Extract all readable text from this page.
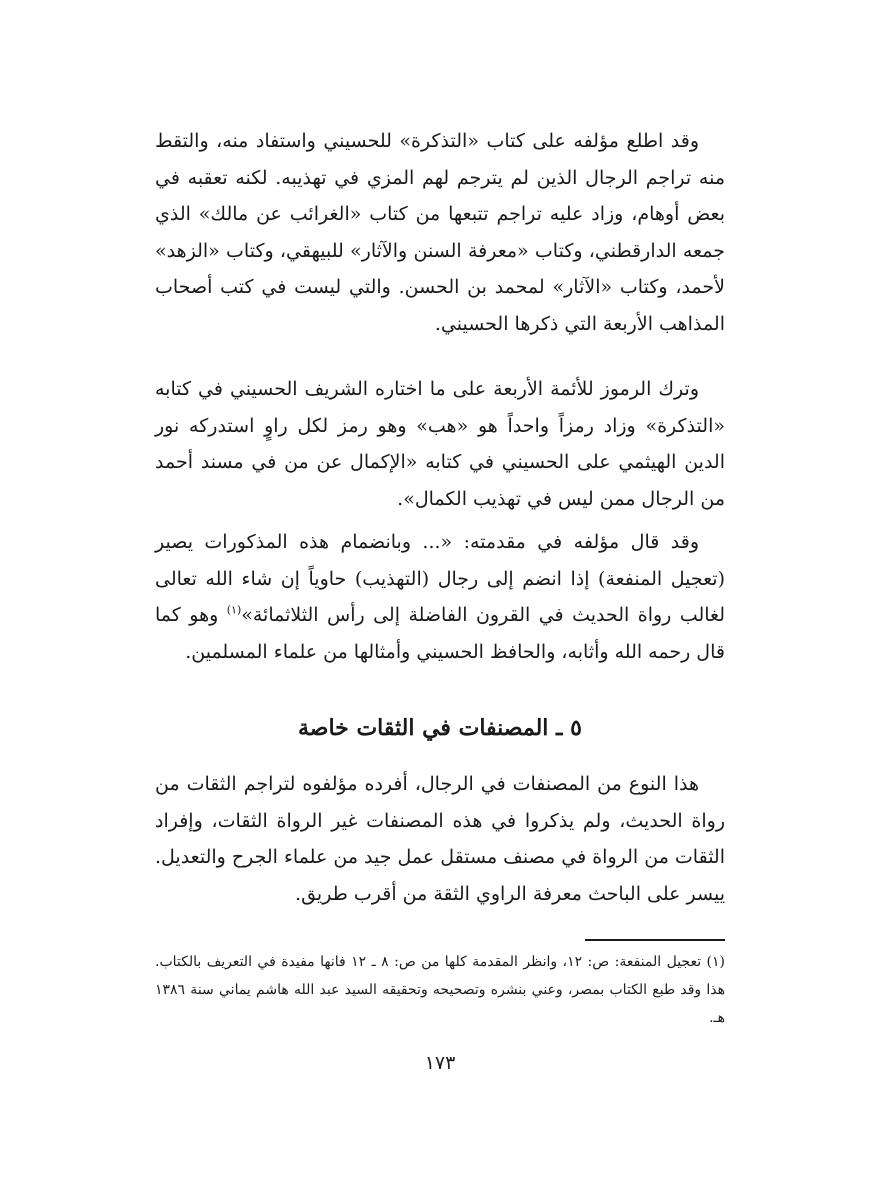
وقد اطلع مؤلفه على كتاب «التذكرة» للحسيني واستفاد منه، والتقط منه تراجم الرجال الذين لم يترجم لهم المزي في تهذيبه. لكنه تعقبه في بعض أوهام، وزاد عليه تراجم تتبعها من كتاب «الغرائب عن مالك» الذي جمعه الدارقطني، وكتاب «معرفة السنن والآثار» للبيهقي، وكتاب «الزهد» لأحمد، وكتاب «الآثار» لمحمد بن الحسن. والتي ليست في كتب أصحاب المذاهب الأربعة التي ذكرها الحسيني.

وترك الرموز للأئمة الأربعة على ما اختاره الشريف الحسيني في كتابه «التذكرة» وزاد رمزاً واحداً هو «هب» وهو رمز لكل راوٍ استدركه نور الدين الهيثمي على الحسيني في كتابه «الإكمال عن من في مسند أحمد من الرجال ممن ليس في تهذيب الكمال».

وقد قال مؤلفه في مقدمته: «... وبانضمام هذه المذكورات يصير (تعجيل المنفعة) إذا انضم إلى رجال (التهذيب) حاوياً إن شاء الله تعالى لغالب رواة الحديث في القرون الفاضلة إلى رأس الثلاثمائة»$^{(١)}$ وهو كما قال رحمه الله وأثابه، والحافظ الحسيني وأمثالها من علماء المسلمين.

٥ ـ المصنفات في الثقات خاصة

هذا النوع من المصنفات في الرجال، أفرده مؤلفوه لتراجم الثقات من رواة الحديث، ولم يذكروا في هذه المصنفات غير الرواة الثقات، وإفراد الثقات من الرواة في مصنف مستقل عمل جيد من علماء الجرح والتعديل. ييسر على الباحث معرفة الراوي الثقة من أقرب طريق.

(١) تعجيل المنفعة: ص: ١٢، وانظر المقدمة كلها من ص: ٨ ـ ١٢ فانها مفيدة في التعريف بالكتاب. هذا وقد طبع الكتاب بمصر، وعني بنشره وتصحيحه وتحقيقه السيد عبد الله هاشم يماني سنة ١٣٨٦ هـ.

١٧٣
